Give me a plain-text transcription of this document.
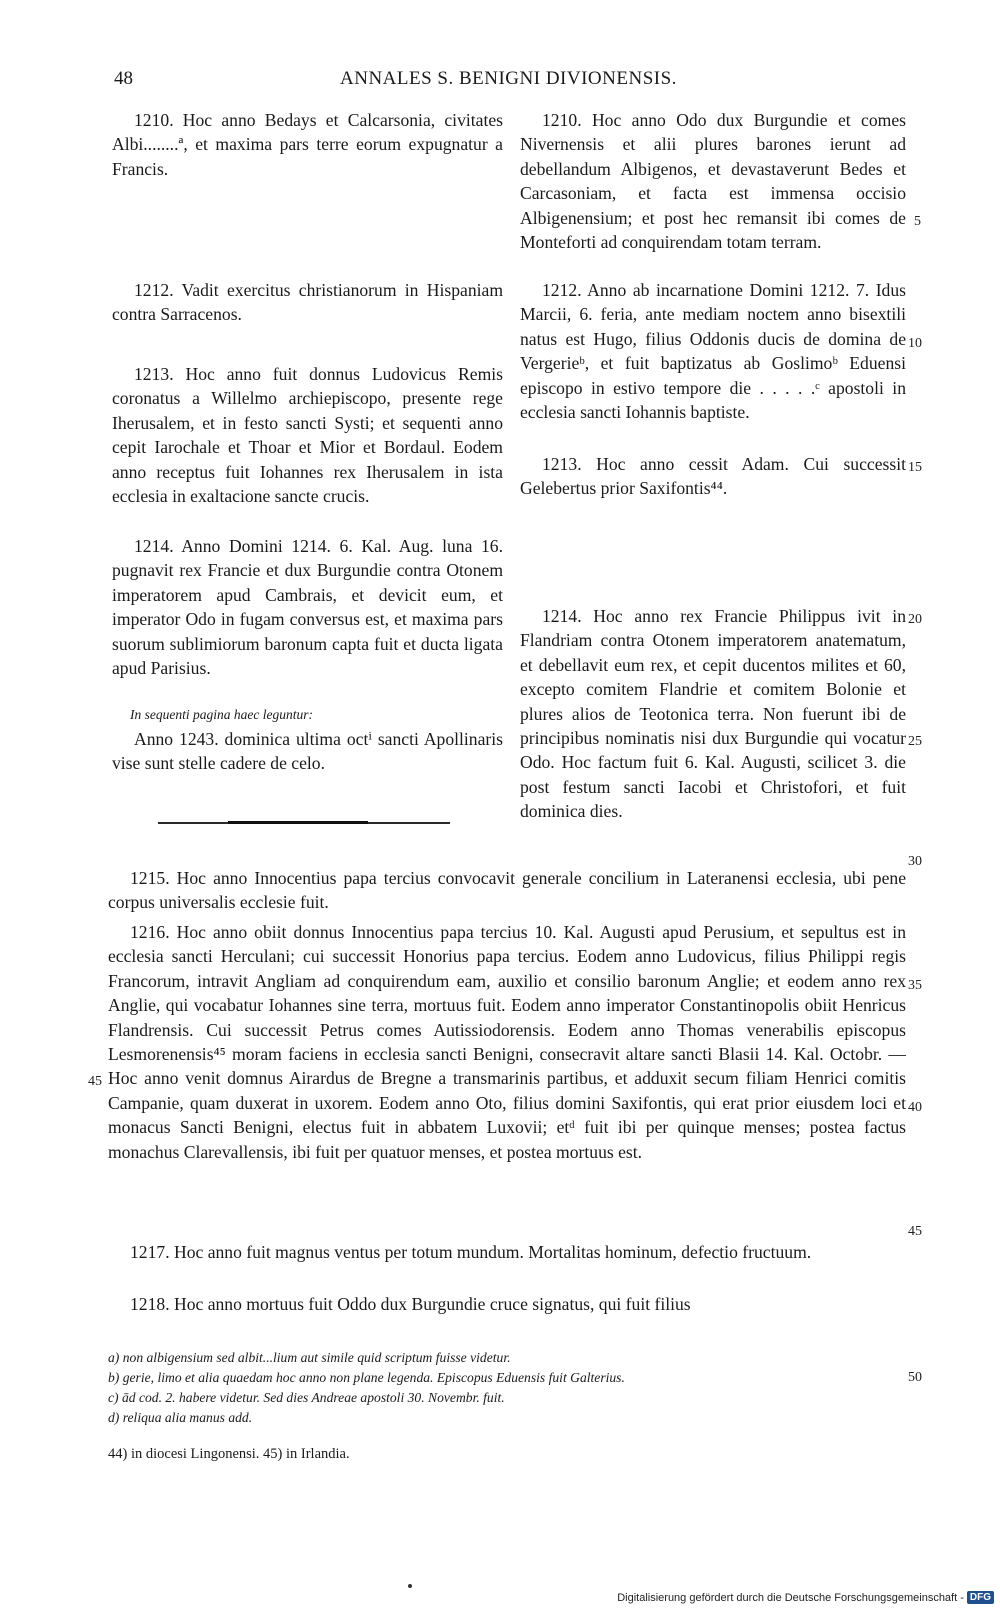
48	ANNALES S. BENIGNI DIVIONENSIS.

1210. Hoc anno Bedays et Calcarsonia, civitates Albi........ª, et maxima pars terre eorum expugnatur a Francis.

1212. Vadit exercitus christianorum in Hispaniam contra Sarracenos.

1213. Hoc anno fuit donnus Ludovicus Remis coronatus a Willelmo archiepiscopo, presente rege Iherusalem, et in festo sancti Systi; et sequenti anno cepit Iarochale et Thoar et Mior et Bordaul. Eodem anno receptus fuit Iohannes rex Iherusalem in ista ecclesia in exaltacione sancte crucis.

1214. Anno Domini 1214. 6. Kal. Aug. luna 16. pugnavit rex Francie et dux Burgundie contra Otonem imperatorem apud Cambrais, et devicit eum, et imperator Odo in fugam conversus est, et maxima pars suorum sublimiorum baronum capta fuit et ducta ligata apud Parisius.

In sequenti pagina haec leguntur:

Anno 1243. dominica ultima octⁱ sancti Apollinaris vise sunt stelle cadere de celo.

1210. Hoc anno Odo dux Burgundie et comes Nivernensis et alii plures barones ierunt ad debellandum Albigenos, et devastaverunt Bedes et Carcasoniam, et facta est immensa occisio Albigenensium; et post hec remansit ibi comes de Monteforti ad conquirendam totam terram.

1212. Anno ab incarnatione Domini 1212. 7. Idus Marcii, 6. feria, ante mediam noctem anno bisextili natus est Hugo, filius Oddonis ducis de domina de Vergerieᵇ, et fuit baptizatus ab Goslimoᵇ Eduensi episcopo in estivo tempore die . . . . .ᶜ apostoli in ecclesia sancti Iohannis baptiste.

1213. Hoc anno cessit Adam. Cui successit Gelebertus prior Saxifontis⁴⁴.

1214. Hoc anno rex Francie Philippus ivit in Flandriam contra Otonem imperatorem anatematum, et debellavit eum rex, et cepit ducentos milites et 60, excepto comitem Flandrie et comitem Bolonie et plures alios de Teotonica terra. Non fuerunt ibi de principibus nominatis nisi dux Burgundie qui vocatur Odo. Hoc factum fuit 6. Kal. Augusti, scilicet 3. die post festum sancti Iacobi et Christofori, et fuit dominica dies.

1215. Hoc anno Innocentius papa tercius convocavit generale concilium in Lateranensi ecclesia, ubi pene corpus universalis ecclesie fuit.

1216. Hoc anno obiit donnus Innocentius papa tercius 10. Kal. Augusti apud Perusium, et sepultus est in ecclesia sancti Herculani; cui successit Honorius papa tercius. Eodem anno Ludovicus, filius Philippi regis Francorum, intravit Angliam ad conquirendum eam, auxilio et consilio baronum Anglie; et eodem anno rex Anglie, qui vocabatur Iohannes sine terra, mortuus fuit. Eodem anno imperator Constantinopolis obiit Henricus Flandrensis. Cui successit Petrus comes Autissiodorensis. Eodem anno Thomas venerabilis episcopus Lesmorenensis⁴⁵ moram faciens in ecclesia sancti Benigni, consecravit altare sancti Blasii 14. Kal. Octobr. — Hoc anno venit domnus Airardus de Bregne a transmarinis partibus, et adduxit secum filiam Henrici comitis Campanie, quam duxerat in uxorem. Eodem anno Oto, filius domini Saxifontis, qui erat prior eiusdem loci et monacus Sancti Benigni, electus fuit in abbatem Luxovii; etᵈ fuit ibi per quinque menses; postea factus monachus Clarevallensis, ibi fuit per quatuor menses, et postea mortuus est.

1217. Hoc anno fuit magnus ventus per totum mundum. Mortalitas hominum, defectio fructuum.

1218. Hoc anno mortuus fuit Oddo dux Burgundie cruce signatus, qui fuit filius

5
10
15
20
25
30
35
40
45
45
50

a) non albigensium sed albit...lium aut simile quid scriptum fuisse videtur.

b) gerie, limo et alia quaedam hoc anno non plane legenda. Episcopus Eduensis fuit Galterius.

c) ād cod. 2. habere videtur. Sed dies Andreae apostoli 30. Novembr. fuit.

d) reliqua alia manus add.

44) in diocesi Lingonensi. 45) in Irlandia.
Digitalisierung gefördert durch die Deutsche Forschungsgemeinschaft - DFG
